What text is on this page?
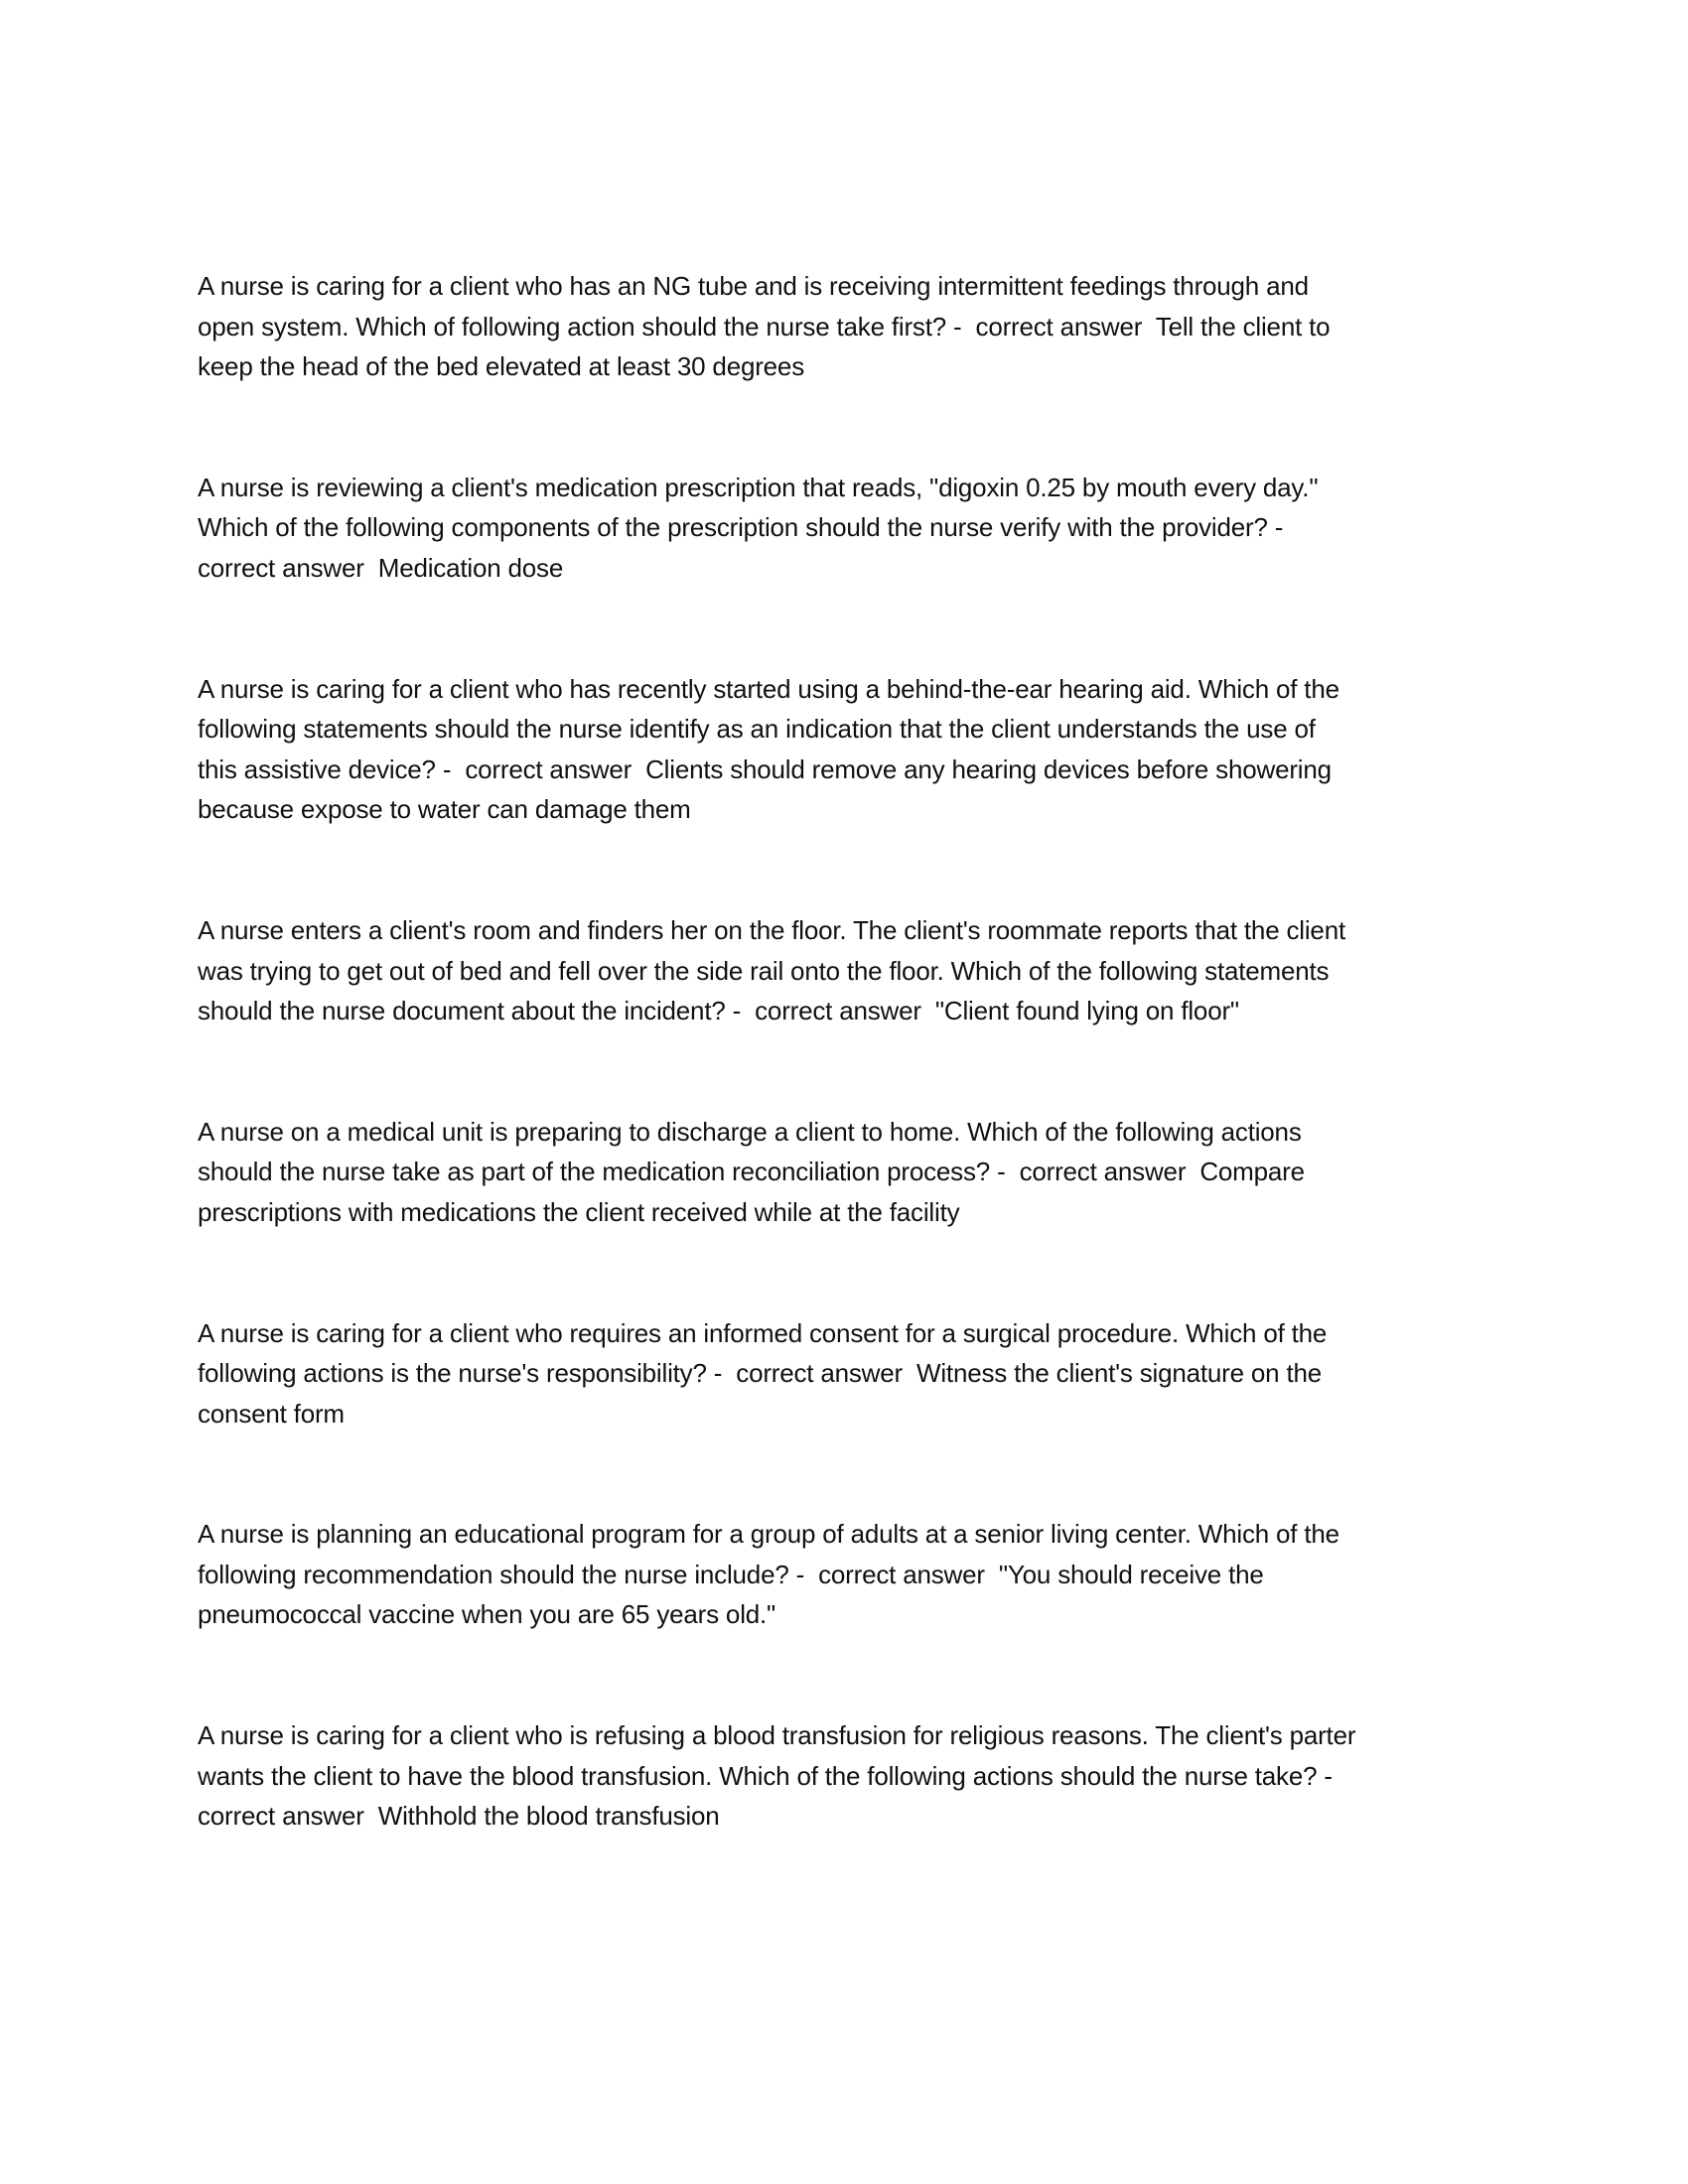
A nurse is caring for a client who has an NG tube and is receiving intermittent feedings through and
open system. Which of following action should the nurse take first? -  correct answer  Tell the client to
keep the head of the bed elevated at least 30 degrees
A nurse is reviewing a client's medication prescription that reads, "digoxin 0.25 by mouth every day."
Which of the following components of the prescription should the nurse verify with the provider? -
correct answer  Medication dose
A nurse is caring for a client who has recently started using a behind-the-ear hearing aid. Which of the
following statements should the nurse identify as an indication that the client understands the use of
this assistive device? -  correct answer  Clients should remove any hearing devices before showering
because expose to water can damage them
A nurse enters a client's room and finders her on the floor. The client's roommate reports that the client
was trying to get out of bed and fell over the side rail onto the floor. Which of the following statements
should the nurse document about the incident? -  correct answer  "Client found lying on floor"
A nurse on a medical unit is preparing to discharge a client to home. Which of the following actions
should the nurse take as part of the medication reconciliation process? -  correct answer  Compare
prescriptions with medications the client received while at the facility
A nurse is caring for a client who requires an informed consent for a surgical procedure. Which of the
following actions is the nurse's responsibility? -  correct answer  Witness the client's signature on the
consent form
A nurse is planning an educational program for a group of adults at a senior living center. Which of the
following recommendation should the nurse include? -  correct answer  "You should receive the
pneumococcal vaccine when you are 65 years old."
A nurse is caring for a client who is refusing a blood transfusion for religious reasons. The client's parter
wants the client to have the blood transfusion. Which of the following actions should the nurse take? -
correct answer  Withhold the blood transfusion
